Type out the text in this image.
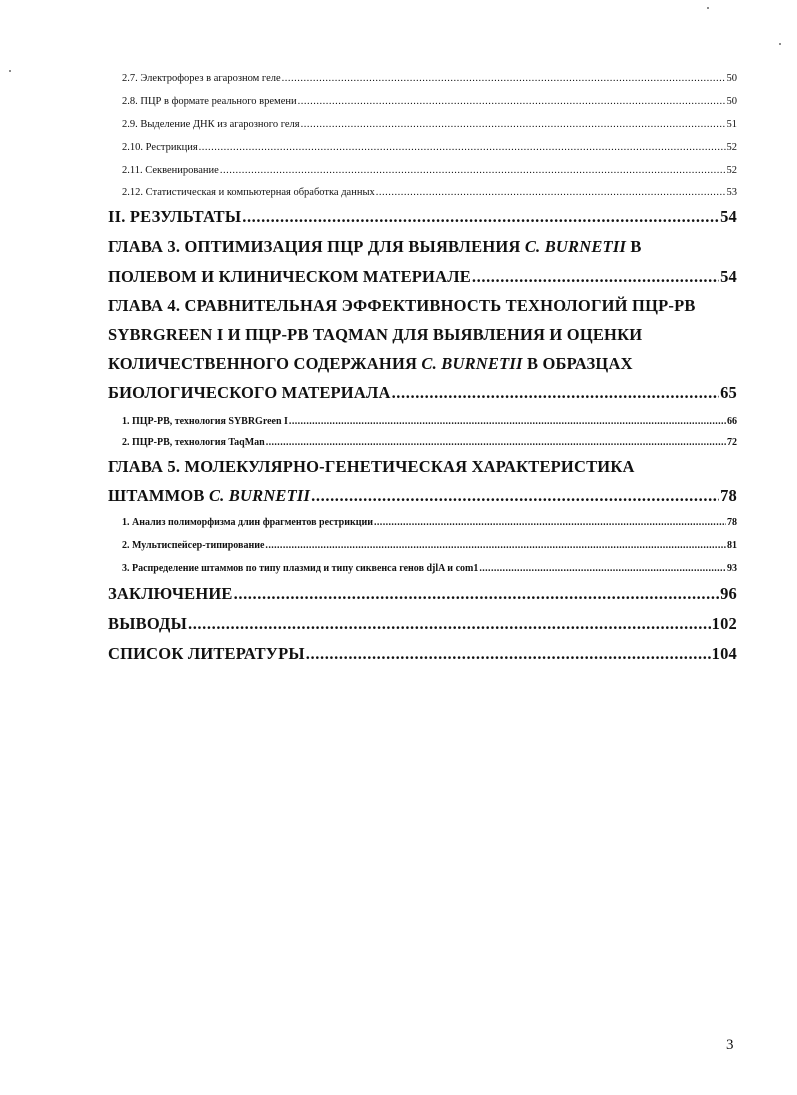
2.7. Электрофорез в агарозном геле .....	50
2.8. ПЦР в формате реального времени .....	50
2.9. Выделение ДНК из агарозного геля .....	51
2.10. Рестрикция .....	52
2.11. Секвенирование .....	52
2.12. Статистическая и компьютерная обработка данных .....	53
II. РЕЗУЛЬТАТЫ .....	54
ГЛАВА 3. ОПТИМИЗАЦИЯ ПЦР ДЛЯ ВЫЯВЛЕНИЯ C. BURNETII В
ПОЛЕВОМ И КЛИНИЧЕСКОМ МАТЕРИАЛЕ .....	54
ГЛАВА 4. СРАВНИТЕЛЬНАЯ ЭФФЕКТИВНОСТЬ ТЕХНОЛОГИЙ ПЦР-РВ
SYBRGREEN I И ПЦР-РВ TAQMAN ДЛЯ ВЫЯВЛЕНИЯ И ОЦЕНКИ
КОЛИЧЕСТВЕННОГО СОДЕРЖАНИЯ C. BURNETII В ОБРАЗЦАХ
БИОЛОГИЧЕСКОГО МАТЕРИАЛА .....	65
1. ПЦР-РВ, технология SYBRGreen I .....	66
2. ПЦР-РВ, технология TaqMan .....	72
ГЛАВА 5. МОЛЕКУЛЯРНО-ГЕНЕТИЧЕСКАЯ ХАРАКТЕРИСТИКА
ШТАММОВ C. BURNETII .....	78
1. Анализ полиморфизма длин фрагментов рестрикции .....	78
2. Мультиспейсер-типирование .....	81
3. Распределение штаммов по типу плазмид и типу сиквенса генов djlA и com1 .....	93
ЗАКЛЮЧЕНИЕ .....	96
ВЫВОДЫ .....	102
СПИСОК ЛИТЕРАТУРЫ .....	104
3
